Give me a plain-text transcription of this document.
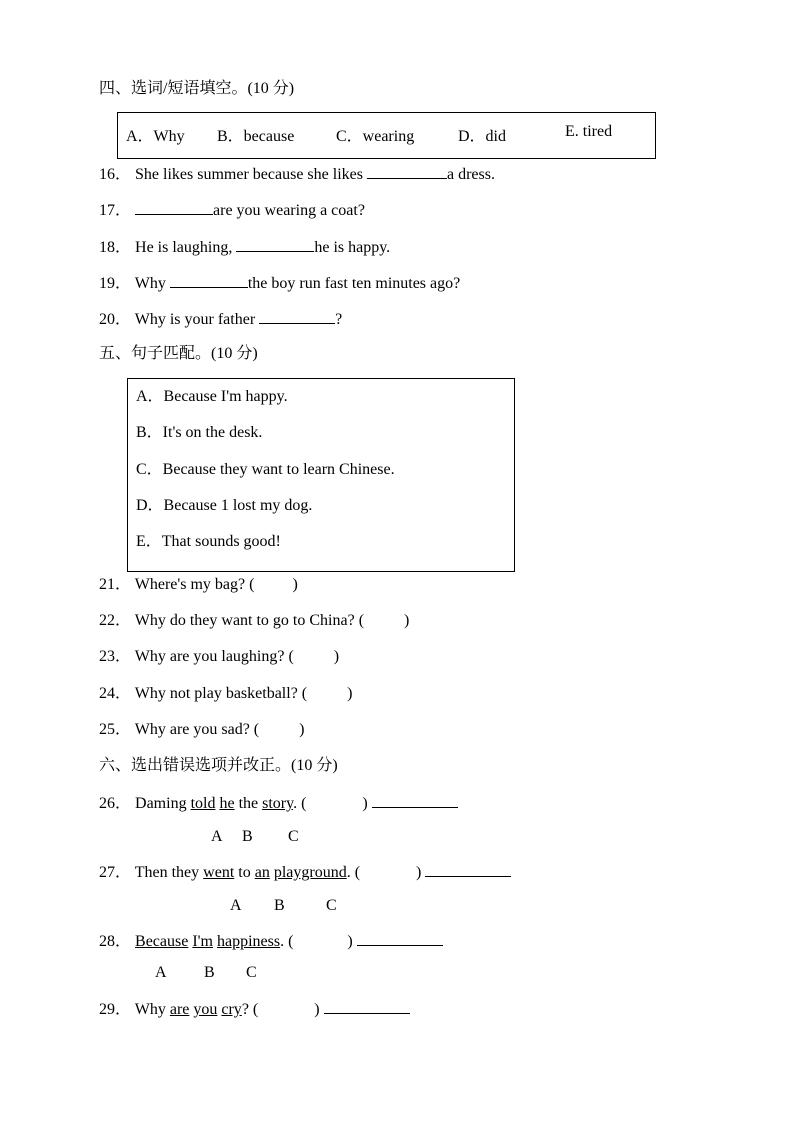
四、选词/短语填空。(10 分)
A．Why B．because	C．wearing	D．did	E. tired
16． She likes summer because she likes	a dress.
17．	are you wearing a coat?
18． He is laughing,	he is happy.
19． Why	the boy run fast ten minutes ago?
20． Why is your father	?
五、句子匹配。(10 分)
A．Because I'm happy.
B．It's on the desk.
C．Because they want to learn Chinese.
D．Because 1 lost my dog.
E．That sounds good!
21． Where's my bag? ( )
22． Why do they want to go to China? (	)
23． Why are you laughing? (	)
24． Why not play basketball? (	)
25． Why are you sad? (	)
六、选出错误选项并改正。(10 分)
26． Daming told he the story. (	)
A B C
27． Then they went to an playground. (	)
A B	C
28． Because I'm happiness. (	)
A B C
29． Why are you cry? (	)
